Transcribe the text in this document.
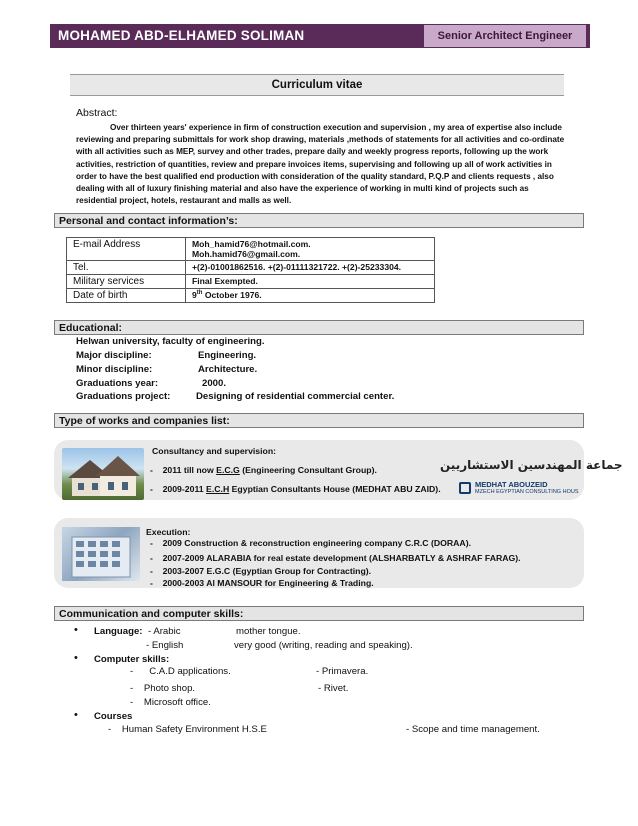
MOHAMED ABD-ELHAMED SOLIMAN	Senior Architect Engineer
Curriculum vitae
Abstract:
Over thirteen years' experience in firm of construction execution and supervision , my area of expertise also include reviewing and preparing submittals for work shop drawing, materials ,methods of statements for all activities and co-ordinate with all activities such as MEP, survey and other trades, prepare daily and weekly progress reports, following up the work activities, restriction of quantities, review and prepare invoices items, supervising and following up all of work activities in order to have the best qualified end production with consideration of the quality standard, P.Q.P and clients requests , also dealing with all of luxury finishing material and also have the experience of working in multi kind of projects such as residential project, hotels, restaurant and malls as well.
Personal and contact information’s:
E-mail Address	Moh_hamid76@hotmail.com.
Moh.hamid76@gmail.com.

Tel.	+(2)-01001862516. +(2)-01111321722. +(2)-25233304.
Military services	Final Exempted.
Date of birth	9th October 1976.
Educational:
Helwan university, faculty of engineering.
Major discipline:	Engineering.
Minor discipline:	Architecture.
Graduations year:	2000.
Graduations project:	Designing of residential commercial center.
Type of works and companies list:
Consultancy and supervision:
- 2011 till now E.C.G (Engineering Consultant Group).
- 2009-2011 E.C.H Egyptian Consultants House (MEDHAT ABU ZAID).
جماعة المهندسين الاستشاريين
MEDHAT ABOUZEID
MZECH EGYPTIAN CONSULTING HOUS
Execution:
-    2009 Construction & reconstruction engineering company C.R.C (DORAA).
-    2007-2009 ALARABIA for real estate development (ALSHARBATLY & ASHRAF FARAG).
-    2003-2007 E.G.C (Egyptian Group for Contracting).
-    2000-2003 Al MANSOUR for Engineering & Trading.
Communication and computer skills:
• Language: - Arabic	mother tongue.
- English	very good (writing, reading and speaking).
• Computer skills:
-      C.A.D applications.	- Primavera.
-    Photo shop.	- Rivet.
-    Microsoft office.
• Courses
-    Human Safety Environment H.S.E	- Scope and time management.
